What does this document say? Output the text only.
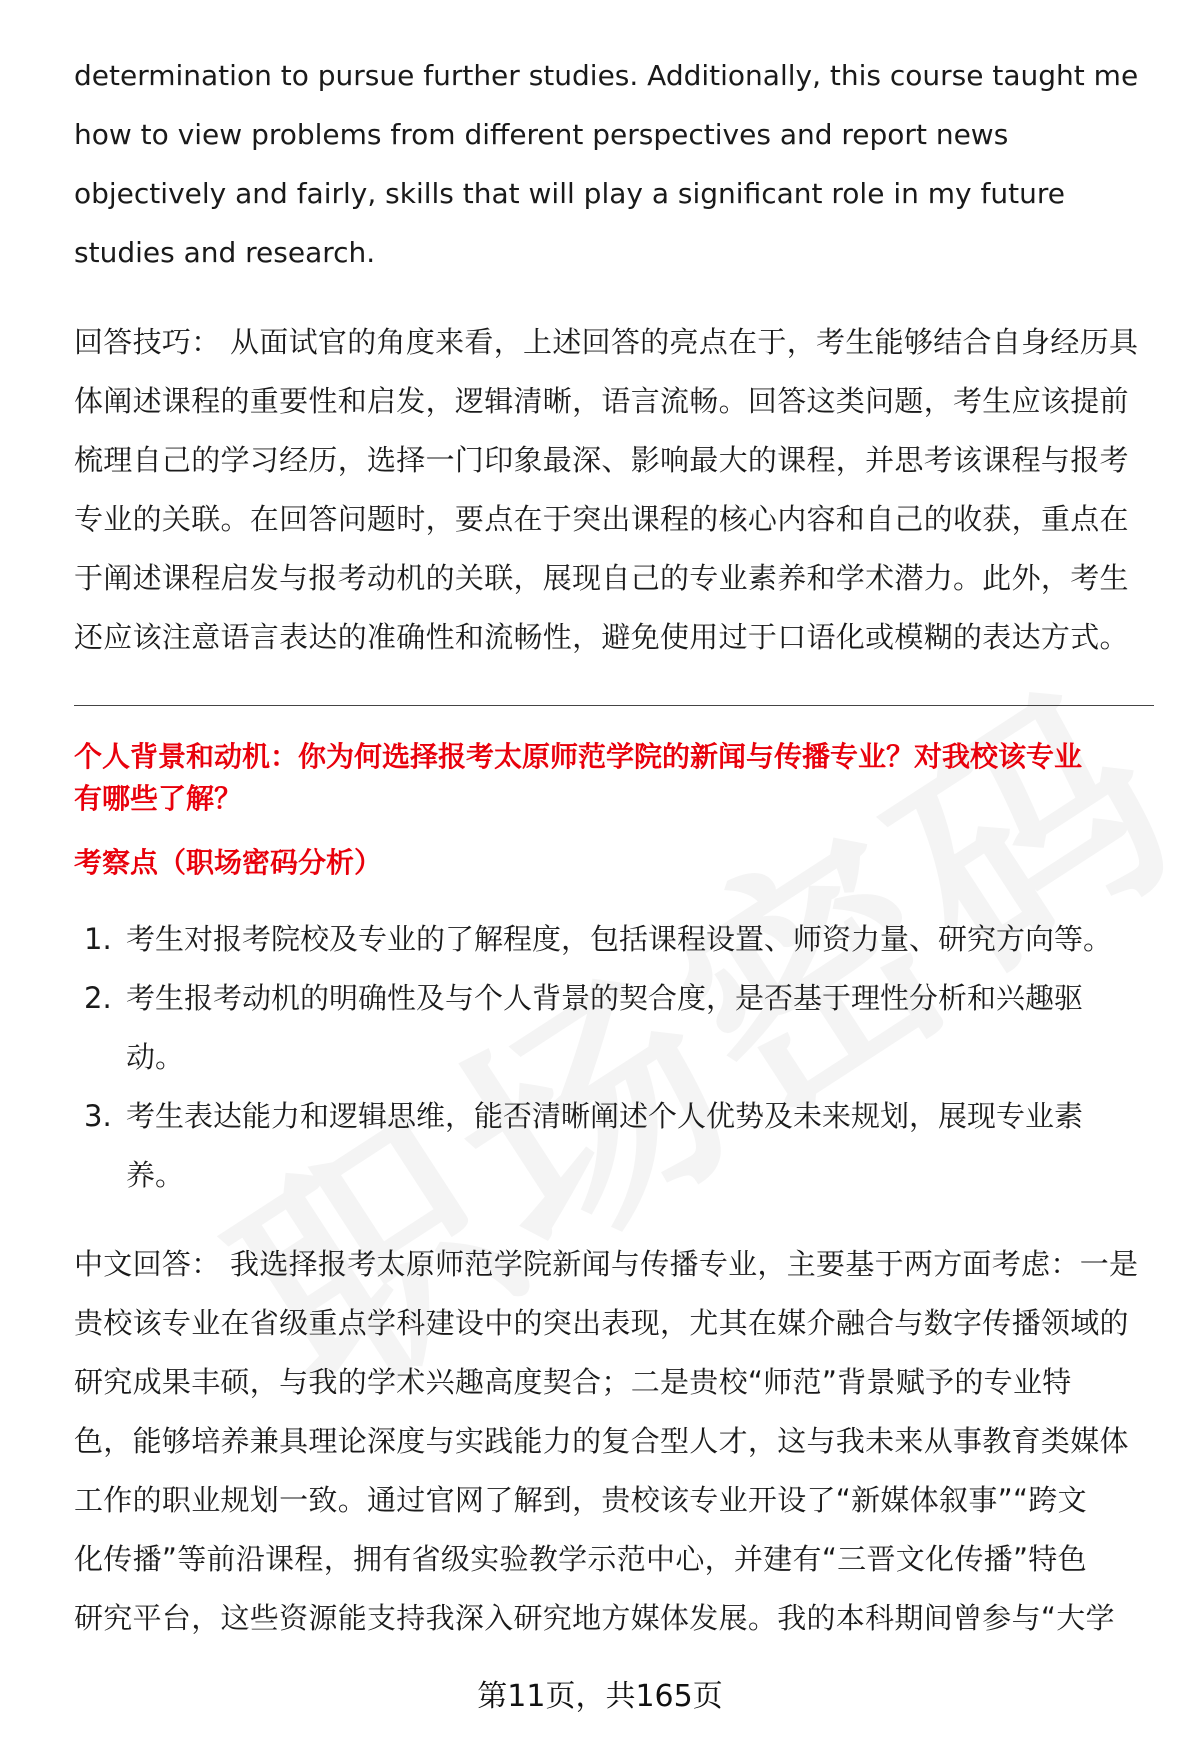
determination to pursue further studies. Additionally, this course taught me

how to view problems from different perspectives and report news

objectively and fairly, skills that will play a significant role in my future

studies and research.

回答技巧： 从面试官的角度来看，上述回答的亮点在于，考生能够结合自身经历具

体阐述课程的重要性和启发，逻辑清晰，语言流畅。回答这类问题，考生应该提前

梳理自己的学习经历，选择一门印象最深、影响最大的课程，并思考该课程与报考

专业的关联。在回答问题时，要点在于突出课程的核心内容和自己的收获，重点在

于阐述课程启发与报考动机的关联，展现自己的专业素养和学术潜力。此外，考生

还应该注意语言表达的准确性和流畅性，避免使用过于口语化或模糊的表达方式。

个人背景和动机：你为何选择报考太原师范学院的新闻与传播专业？对我校该专业
有哪些了解？
考察点（职场密码分析）
1. 考生对报考院校及专业的了解程度，包括课程设置、师资力量、研究方向等。
2. 考生报考动机的明确性及与个人背景的契合度，是否基于理性分析和兴趣驱
动。
3. 考生表达能力和逻辑思维，能否清晰阐述个人优势及未来规划，展现专业素
养。

中文回答： 我选择报考太原师范学院新闻与传播专业，主要基于两方面考虑：一是

贵校该专业在省级重点学科建设中的突出表现，尤其在媒介融合与数字传播领域的

研究成果丰硕，与我的学术兴趣高度契合；二是贵校“师范”背景赋予的专业特

色，能够培养兼具理论深度与实践能力的复合型人才，这与我未来从事教育类媒体

工作的职业规划一致。通过官网了解到，贵校该专业开设了“新媒体叙事”“跨文

化传播”等前沿课程，拥有省级实验教学示范中心，并建有“三晋文化传播”特色

研究平台，这些资源能支持我深入研究地方媒体发展。我的本科期间曾参与“大学

第11页，共165页
